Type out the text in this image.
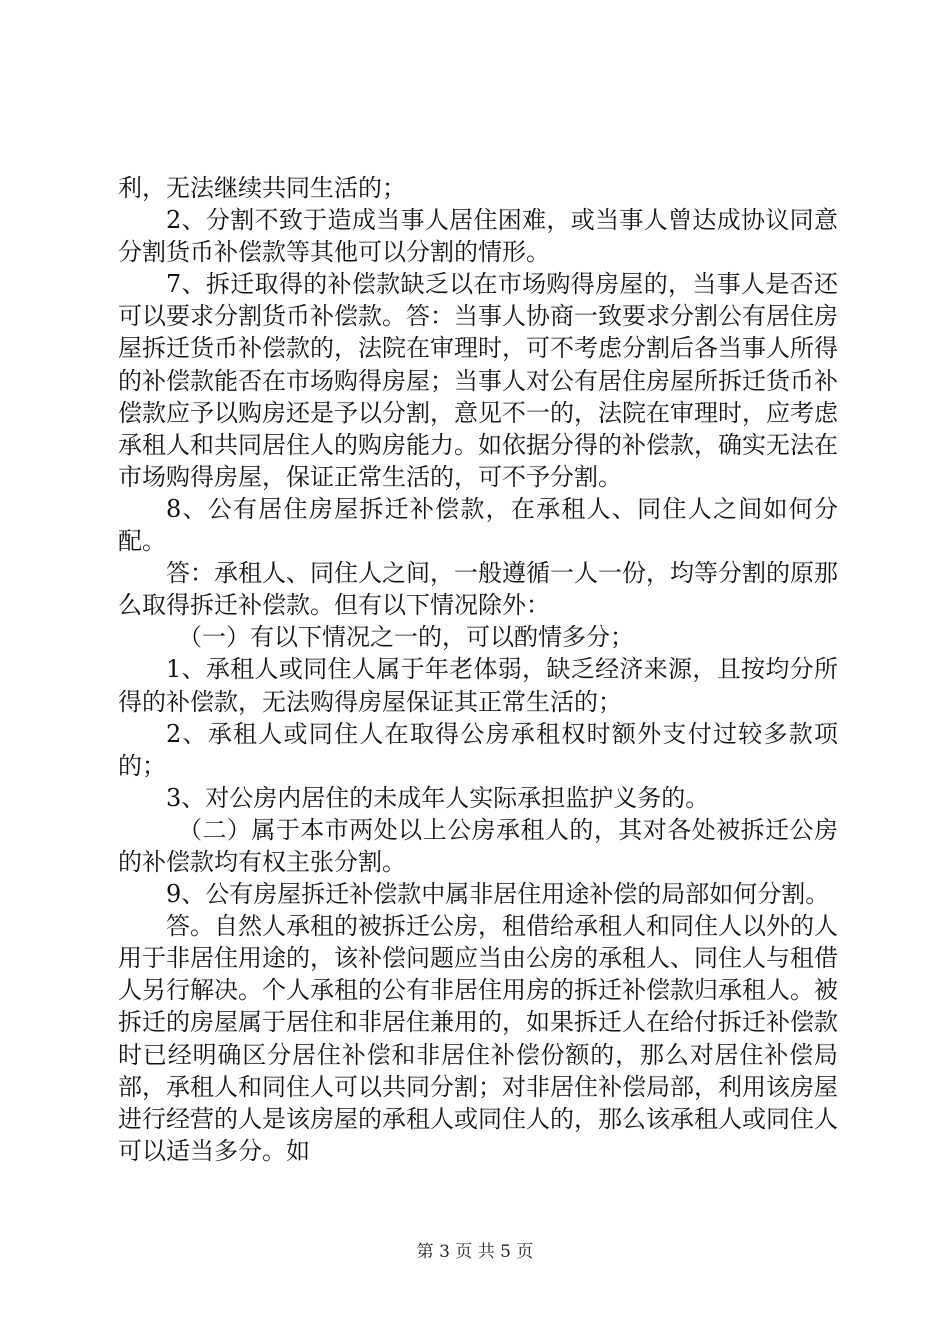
利，无法继续共同生活的；

2、分割不致于造成当事人居住困难，或当事人曾达成协议同意分割货币补偿款等其他可以分割的情形。

7、拆迁取得的补偿款缺乏以在市场购得房屋的，当事人是否还可以要求分割货币补偿款。答：当事人协商一致要求分割公有居住房屋拆迁货币补偿款的，法院在审理时，可不考虑分割后各当事人所得的补偿款能否在市场购得房屋；当事人对公有居住房屋所拆迁货币补偿款应予以购房还是予以分割，意见不一的，法院在审理时，应考虑承租人和共同居住人的购房能力。如依据分得的补偿款，确实无法在市场购得房屋，保证正常生活的，可不予分割。

8、公有居住房屋拆迁补偿款，在承租人、同住人之间如何分配。

答：承租人、同住人之间，一般遵循一人一份，均等分割的原那么取得拆迁补偿款。但有以下情况除外：

（一）有以下情况之一的，可以酌情多分；

1、承租人或同住人属于年老体弱，缺乏经济来源，且按均分所得的补偿款，无法购得房屋保证其正常生活的；

2、承租人或同住人在取得公房承租权时额外支付过较多款项的；

3、对公房内居住的未成年人实际承担监护义务的。

（二）属于本市两处以上公房承租人的，其对各处被拆迁公房的补偿款均有权主张分割。

9、公有房屋拆迁补偿款中属非居住用途补偿的局部如何分割。

答。自然人承租的被拆迁公房，租借给承租人和同住人以外的人用于非居住用途的，该补偿问题应当由公房的承租人、同住人与租借人另行解决。个人承租的公有非居住用房的拆迁补偿款归承租人。被拆迁的房屋属于居住和非居住兼用的，如果拆迁人在给付拆迁补偿款时已经明确区分居住补偿和非居住补偿份额的，那么对居住补偿局部，承租人和同住人可以共同分割；对非居住补偿局部，利用该房屋进行经营的人是该房屋的承租人或同住人的，那么该承租人或同住人可以适当多分。如

第 3 页 共 5 页
